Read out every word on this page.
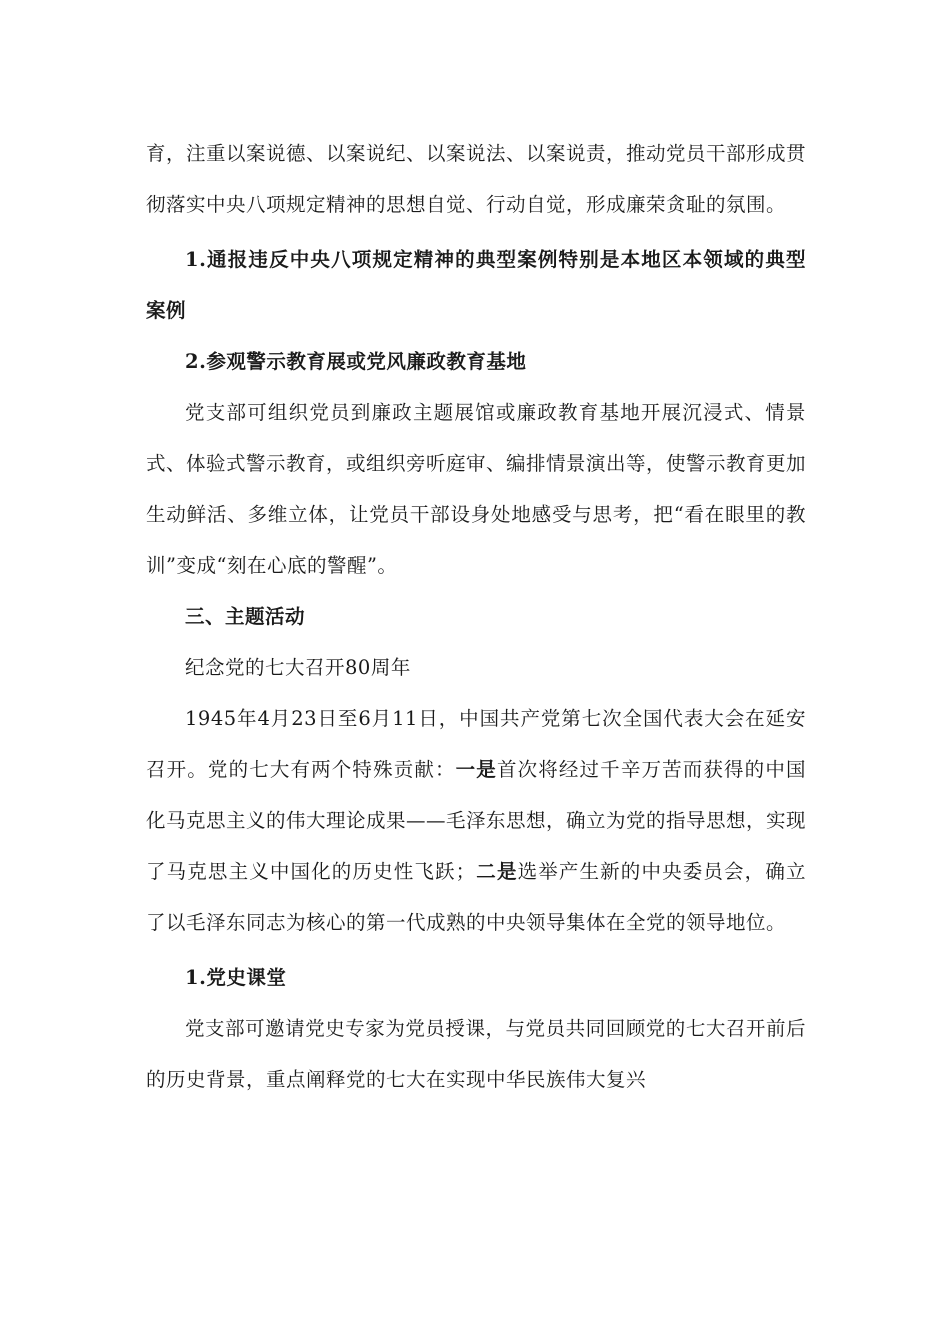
育，注重以案说德、以案说纪、以案说法、以案说责，推动党员干部形成贯彻落实中央八项规定精神的思想自觉、行动自觉，形成廉荣贪耻的氛围。

1.通报违反中央八项规定精神的典型案例特别是本地区本领域的典型案例

2.参观警示教育展或党风廉政教育基地

党支部可组织党员到廉政主题展馆或廉政教育基地开展沉浸式、情景式、体验式警示教育，或组织旁听庭审、编排情景演出等，使警示教育更加生动鲜活、多维立体，让党员干部设身处地感受与思考，把“看在眼里的教训”变成“刻在心底的警醒”。

三、主题活动

纪念党的七大召开80周年

1945年4月23日至6月11日，中国共产党第七次全国代表大会在延安召开。党的七大有两个特殊贡献：一是首次将经过千辛万苦而获得的中国化马克思主义的伟大理论成果——毛泽东思想，确立为党的指导思想，实现了马克思主义中国化的历史性飞跃；二是选举产生新的中央委员会，确立了以毛泽东同志为核心的第一代成熟的中央领导集体在全党的领导地位。

1.党史课堂

党支部可邀请党史专家为党员授课，与党员共同回顾党的七大召开前后的历史背景，重点阐释党的七大在实现中华民族伟大复兴
